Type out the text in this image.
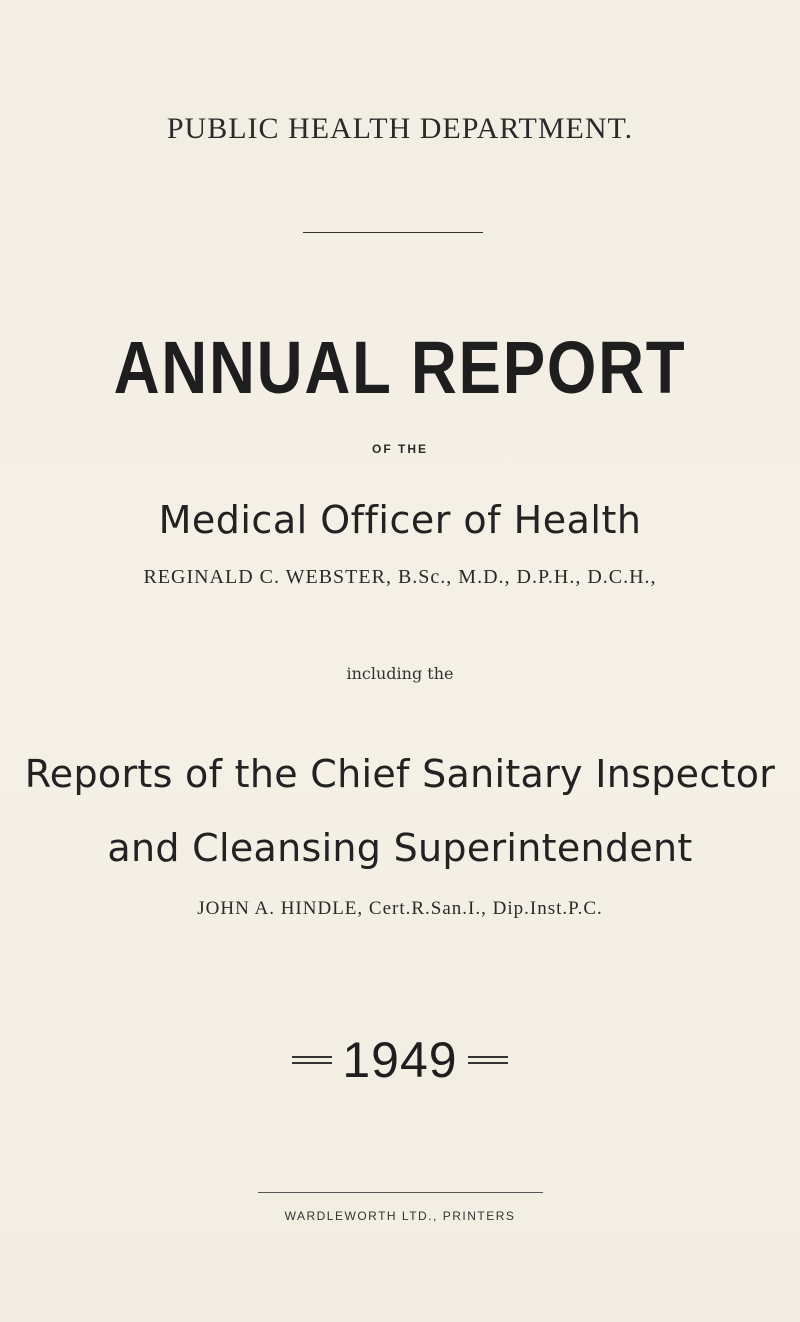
PUBLIC HEALTH DEPARTMENT.
ANNUAL REPORT
OF THE
Medical Officer of Health
REGINALD C. WEBSTER, B.Sc., M.D., D.P.H., D.C.H.,
including the
Reports of the Chief Sanitary Inspector
and Cleansing Superintendent
JOHN A. HINDLE, Cert.R.San.I., Dip.Inst.P.C.
1949
WARDLEWORTH LTD., PRINTERS
